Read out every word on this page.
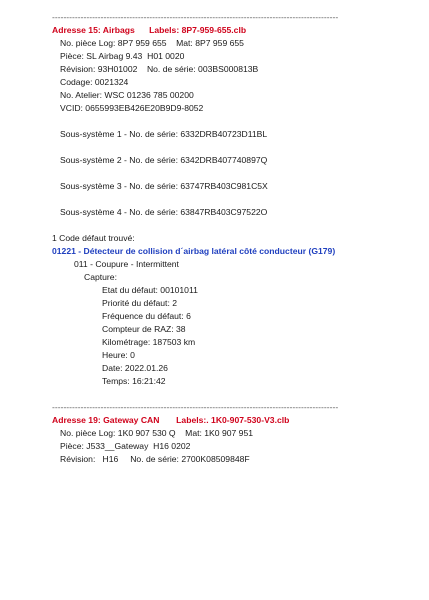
----------------------------------------------------------------------------------------------------
Adresse 15: Airbags      Labels: 8P7-959-655.clb
No. pièce Log: 8P7 959 655    Mat: 8P7 959 655
Pièce: SL Airbag 9.43  H01 0020
Révision: 93H01002    No. de série: 003BS000813B
Codage: 0021324
No. Atelier: WSC 01236 785 00200
VCID: 0655993EB426E20B9D9-8052
Sous-système 1 - No. de série: 6332DRB40723D11BL
Sous-système 2 - No. de série: 6342DRB407740897Q
Sous-système 3 - No. de série: 63747RB403C981C5X
Sous-système 4 - No. de série: 63847RB403C97522O
1 Code défaut trouvé:
01221 - Détecteur de collision d´airbag latéral côté conducteur (G179)
011 - Coupure - Intermittent
Capture:
Etat du défaut: 00101011
Priorité du défaut: 2
Fréquence du défaut: 6
Compteur de RAZ: 38
Kilométrage: 187503 km
Heure: 0
Date: 2022.01.26
Temps: 16:21:42
----------------------------------------------------------------------------------------------------
Adresse 19: Gateway CAN       Labels:. 1K0-907-530-V3.clb
No. pièce Log: 1K0 907 530 Q    Mat: 1K0 907 951
Pièce: J533__Gateway  H16 0202
Révision:   H16     No. de série: 2700K08509848F
